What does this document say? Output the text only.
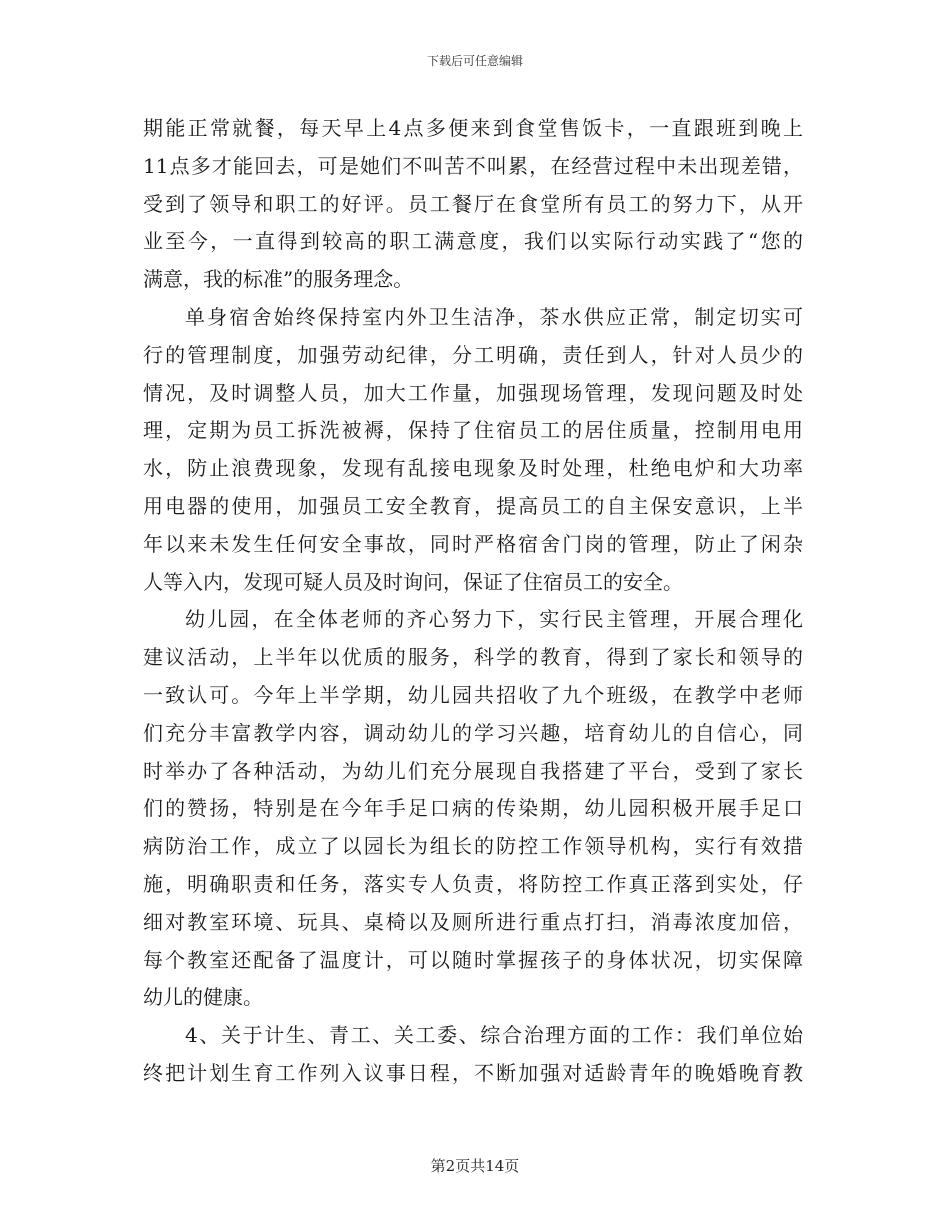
下载后可任意编辑
期能正常就餐，每天早上4点多便来到食堂售饭卡，一直跟班到晚上
11点多才能回去，可是她们不叫苦不叫累，在经营过程中未出现差错，
受到了领导和职工的好评。员工餐厅在食堂所有员工的努力下，从开
业至今，一直得到较高的职工满意度，我们以实际行动实践了“您的
满意，我的标准”的服务理念。
单身宿舍始终保持室内外卫生洁净，茶水供应正常，制定切实可
行的管理制度，加强劳动纪律，分工明确，责任到人，针对人员少的
情况，及时调整人员，加大工作量，加强现场管理，发现问题及时处
理，定期为员工拆洗被褥，保持了住宿员工的居住质量，控制用电用
水，防止浪费现象，发现有乱接电现象及时处理，杜绝电炉和大功率
用电器的使用，加强员工安全教育，提高员工的自主保安意识，上半
年以来未发生任何安全事故，同时严格宿舍门岗的管理，防止了闲杂
人等入内，发现可疑人员及时询问，保证了住宿员工的安全。
幼儿园，在全体老师的齐心努力下，实行民主管理，开展合理化
建议活动，上半年以优质的服务，科学的教育，得到了家长和领导的
一致认可。今年上半学期，幼儿园共招收了九个班级，在教学中老师
们充分丰富教学内容，调动幼儿的学习兴趣，培育幼儿的自信心，同
时举办了各种活动，为幼儿们充分展现自我搭建了平台，受到了家长
们的赞扬，特别是在今年手足口病的传染期，幼儿园积极开展手足口
病防治工作，成立了以园长为组长的防控工作领导机构，实行有效措
施，明确职责和任务，落实专人负责，将防控工作真正落到实处，仔
细对教室环境、玩具、桌椅以及厕所进行重点打扫，消毒浓度加倍，
每个教室还配备了温度计，可以随时掌握孩子的身体状况，切实保障
幼儿的健康。
4、关于计生、青工、关工委、综合治理方面的工作：我们单位始
终把计划生育工作列入议事日程，不断加强对适龄青年的晚婚晚育教
第2页共14页
